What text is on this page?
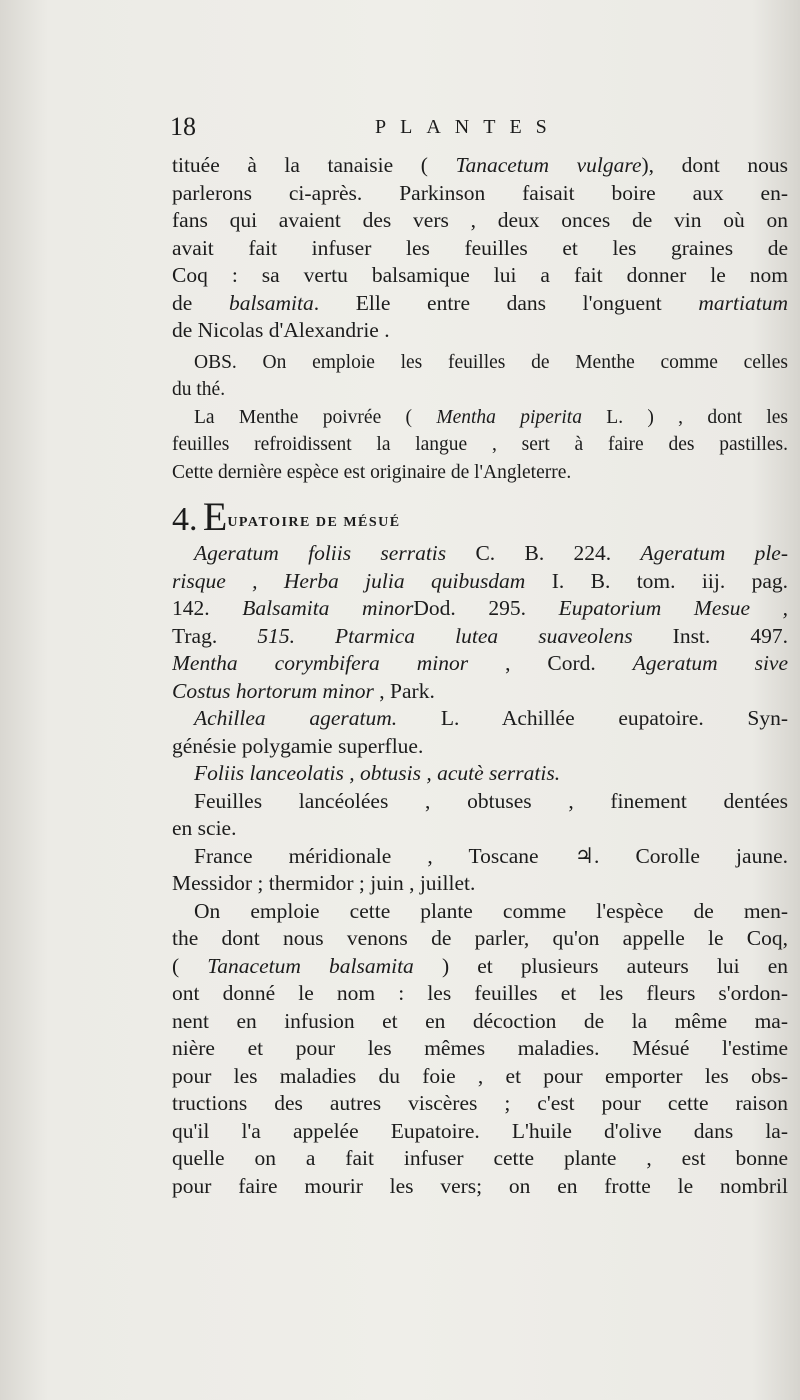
18	PLANTES
tituée à la tanaisie ( Tanacetum vulgare), dont nous
parlerons ci-après. Parkinson faisait boire aux en-
fans qui avaient des vers , deux onces de vin où on
avait fait infuser les feuilles et les graines de
Coq : sa vertu balsamique lui a fait donner le nom
de balsamita. Elle entre dans l'onguent martiatum
de Nicolas d'Alexandrie .
OBS. On emploie les feuilles de Menthe comme celles
du thé.
La Menthe poivrée ( Mentha piperita L. ) , dont les
feuilles refroidissent la langue , sert à faire des pastilles.
Cette dernière espèce est originaire de l'Angleterre.
4. EUPATOIRE DE MÉSUÉ
Ageratum foliis serratis C. B. 224. Ageratum ple-
risque , Herba julia quibusdam I. B. tom. iij. pag.
142. Balsamita minorDod. 295. Eupatorium Mesue ,
Trag. 515. Ptarmica lutea suaveolens Inst. 497.
Mentha corymbifera minor , Cord. Ageratum sive
Costus hortorum minor , Park.
Achillea ageratum. L. Achillée eupatoire. Syn-
génésie polygamie superflue.
Foliis lanceolatis , obtusis , acutè serratis.
Feuilles lancéolées , obtuses , finement dentées
en scie.
France méridionale , Toscane ♃. Corolle jaune.
Messidor ; thermidor ; juin , juillet.
On emploie cette plante comme l'espèce de men-
the dont nous venons de parler, qu'on appelle le Coq,
( Tanacetum balsamita ) et plusieurs auteurs lui en
ont donné le nom : les feuilles et les fleurs s'ordon-
nent en infusion et en décoction de la même ma-
nière et pour les mêmes maladies. Mésué l'estime
pour les maladies du foie , et pour emporter les obs-
tructions des autres viscères ; c'est pour cette raison
qu'il l'a appelée Eupatoire. L'huile d'olive dans la-
quelle on a fait infuser cette plante , est bonne
pour faire mourir les vers; on en frotte le nombril
